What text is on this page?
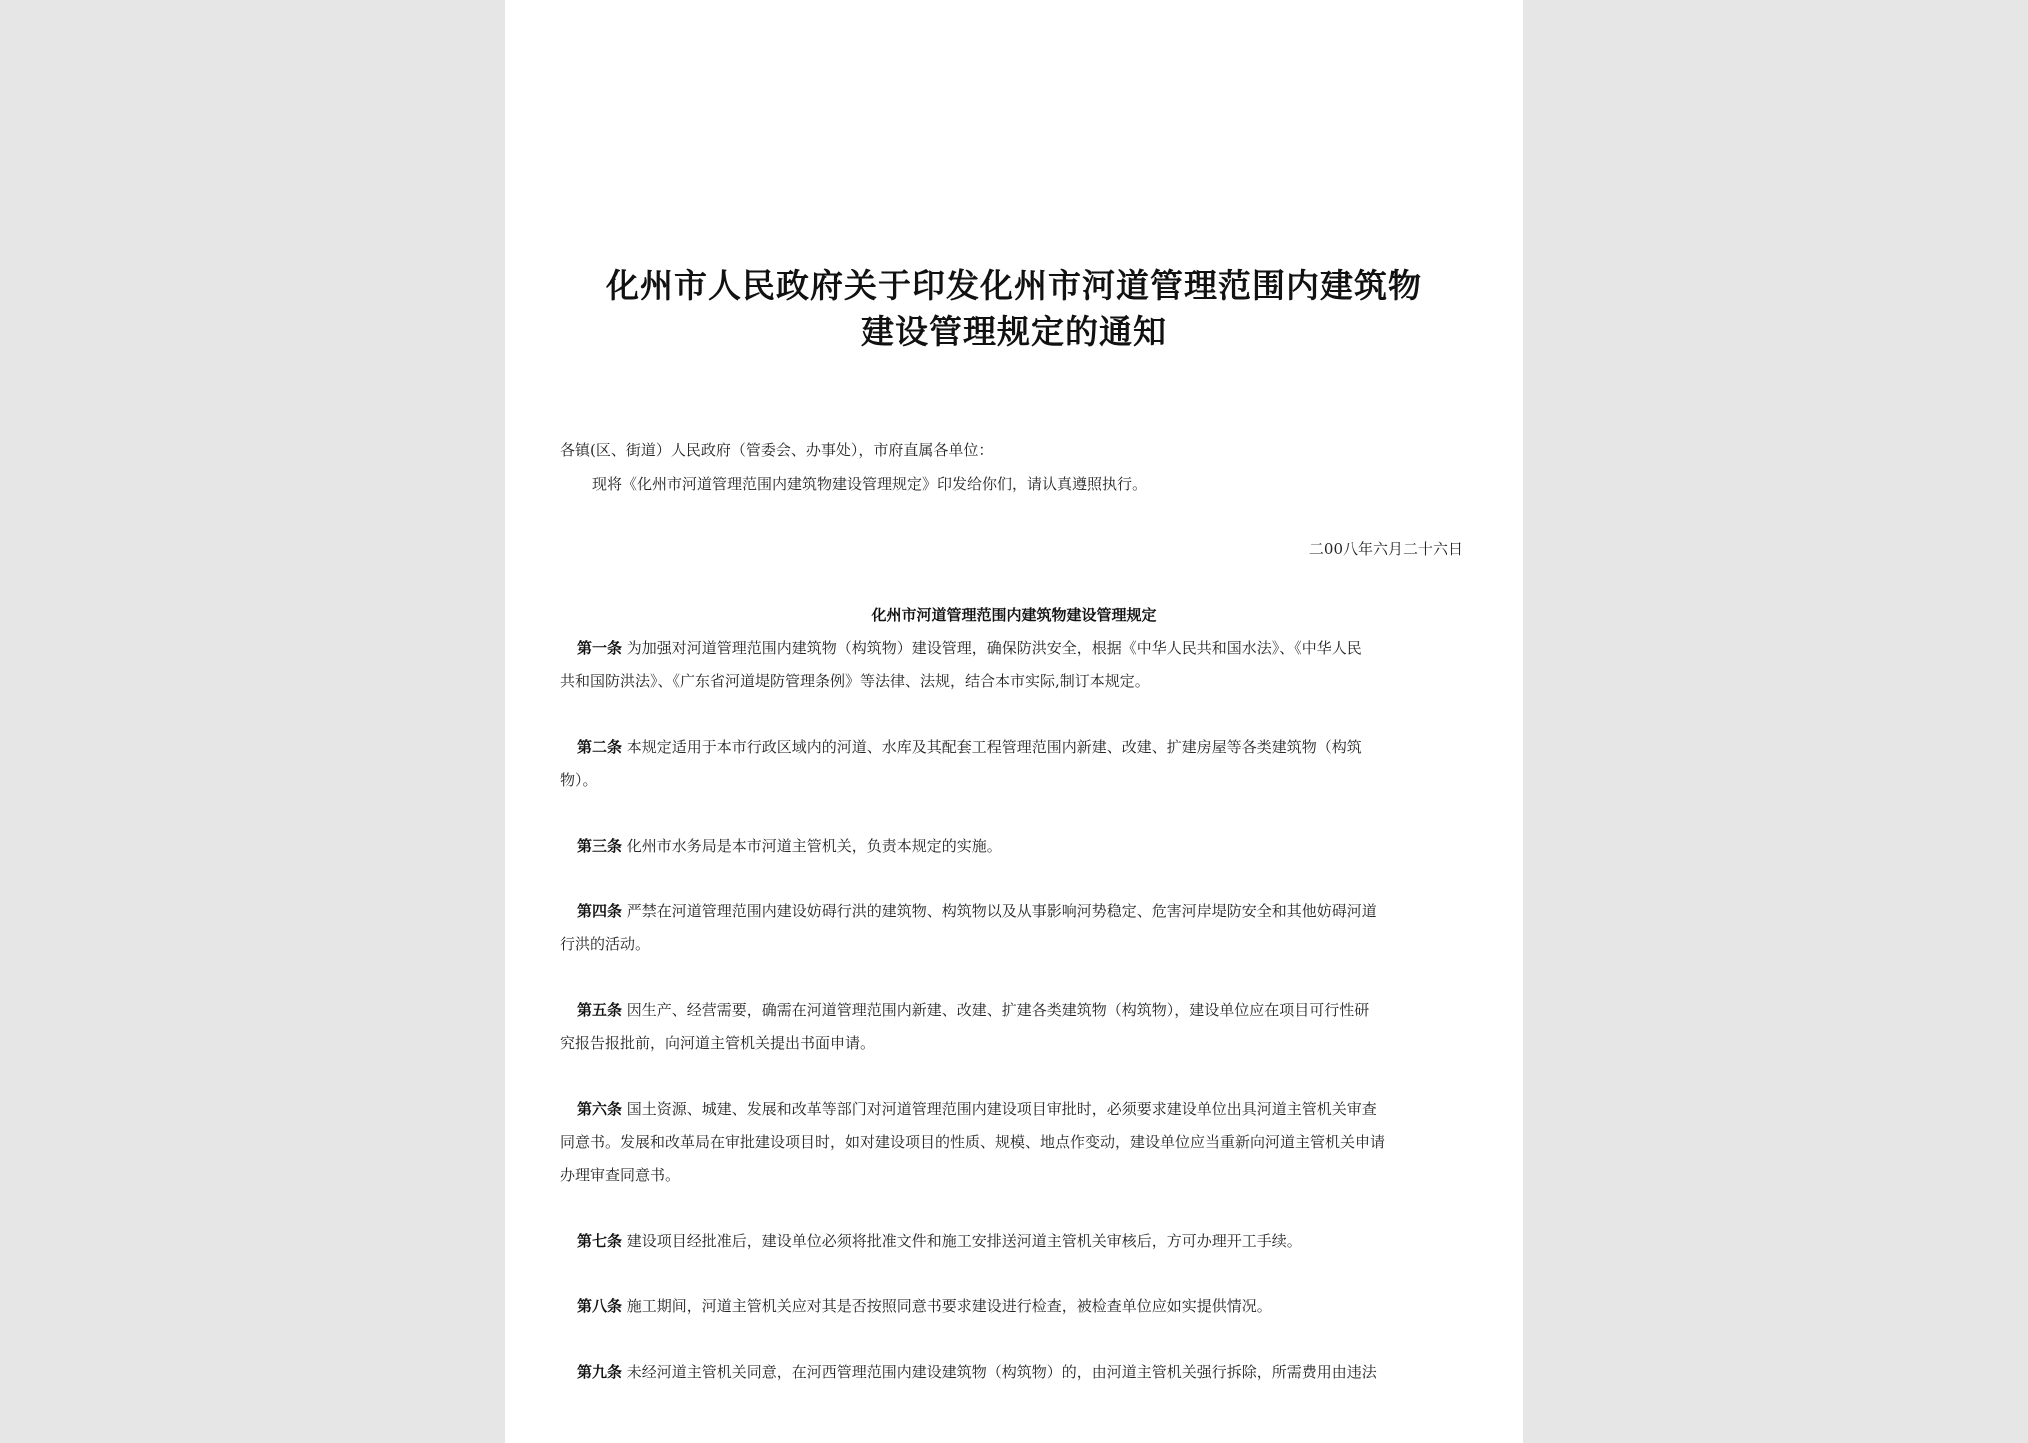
化州市人民政府关于印发化州市河道管理范围内建筑物
建设管理规定的通知
各镇(区、街道）人民政府（管委会、办事处），市府直属各单位：
现将《化州市河道管理范围内建筑物建设管理规定》印发给你们，请认真遵照执行。
二00八年六月二十六日
化州市河道管理范围内建筑物建设管理规定
第一条 为加强对河道管理范围内建筑物（构筑物）建设管理，确保防洪安全，根据《中华人民共和国水法》、《中华人民
共和国防洪法》、《广东省河道堤防管理条例》等法律、法规，结合本市实际,制订本规定。
第二条 本规定适用于本市行政区域内的河道、水库及其配套工程管理范围内新建、改建、扩建房屋等各类建筑物（构筑
物）。
第三条 化州市水务局是本市河道主管机关，负责本规定的实施。
第四条 严禁在河道管理范围内建设妨碍行洪的建筑物、构筑物以及从事影响河势稳定、危害河岸堤防安全和其他妨碍河道
行洪的活动。
第五条 因生产、经营需要，确需在河道管理范围内新建、改建、扩建各类建筑物（构筑物），建设单位应在项目可行性研
究报告报批前，向河道主管机关提出书面申请。
第六条 国土资源、城建、发展和改革等部门对河道管理范围内建设项目审批时，必须要求建设单位出具河道主管机关审查
同意书。发展和改革局在审批建设项目时，如对建设项目的性质、规模、地点作变动，建设单位应当重新向河道主管机关申请
办理审查同意书。
第七条 建设项目经批准后，建设单位必须将批准文件和施工安排送河道主管机关审核后，方可办理开工手续。
第八条 施工期间，河道主管机关应对其是否按照同意书要求建设进行检查，被检查单位应如实提供情况。
第九条 未经河道主管机关同意，在河西管理范围内建设建筑物（构筑物）的，由河道主管机关强行拆除，所需费用由违法
